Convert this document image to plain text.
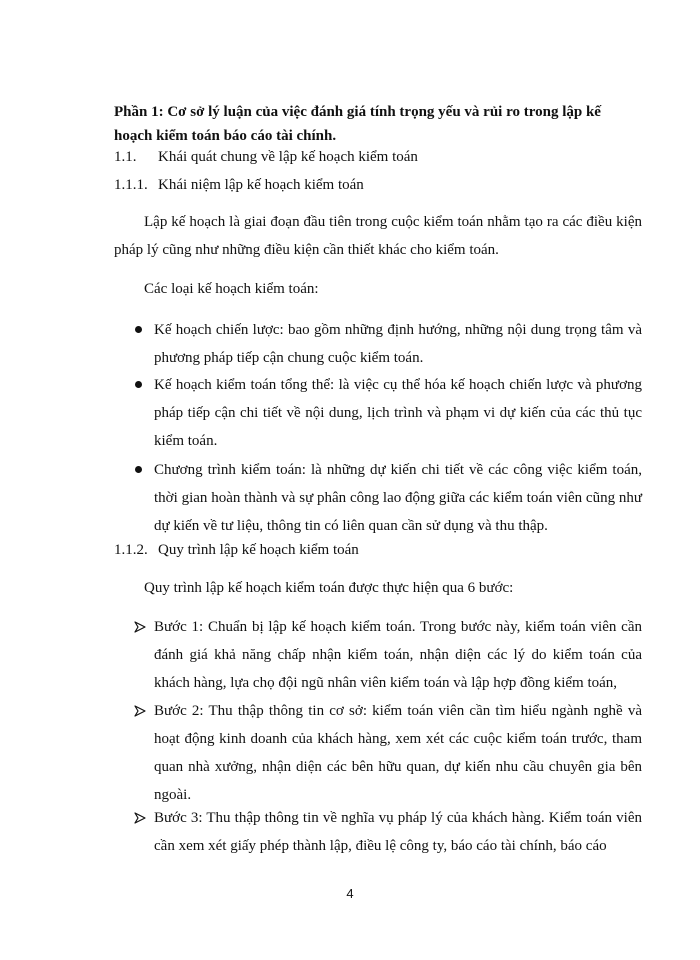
Phần 1: Cơ sở lý luận của việc đánh giá tính trọng yếu và rủi ro trong lập kế hoạch kiểm toán báo cáo tài chính.
1.1. Khái quát chung về lập kế hoạch kiểm toán
1.1.1. Khái niệm lập kế hoạch kiểm toán
Lập kế hoạch là giai đoạn đầu tiên trong cuộc kiểm toán nhằm tạo ra các điều kiện pháp lý cũng như những điều kiện cần thiết khác cho kiểm toán.
Các loại kế hoạch kiểm toán:
Kế hoạch chiến lược: bao gồm những định hướng, những nội dung trọng tâm và phương pháp tiếp cận chung cuộc kiểm toán.
Kế hoạch kiểm toán tổng thể: là việc cụ thể hóa kế hoạch chiến lược và phương pháp tiếp cận chi tiết về nội dung, lịch trình và phạm vi dự kiến của các thủ tục kiểm toán.
Chương trình kiểm toán: là những dự kiến chi tiết về các công việc kiểm toán, thời gian hoàn thành và sự phân công lao động giữa các kiểm toán viên cũng như dự kiến về tư liệu, thông tin có liên quan cần sử dụng và thu thập.
1.1.2. Quy trình lập kế hoạch kiểm toán
Quy trình lập kế hoạch kiểm toán được thực hiện qua 6 bước:
Bước 1: Chuẩn bị lập kế hoạch kiểm toán. Trong bước này, kiểm toán viên cần đánh giá khả năng chấp nhận kiểm toán, nhận diện các lý do kiểm toán của khách hàng, lựa chọ đội ngũ nhân viên kiểm toán và lập hợp đồng kiểm toán,
Bước 2: Thu thập thông tin cơ sở: kiểm toán viên cần tìm hiểu ngành nghề và hoạt động kinh doanh của khách hàng, xem xét các cuộc kiểm toán trước, tham quan nhà xưởng, nhận diện các bên hữu quan, dự kiến nhu cầu chuyên gia bên ngoài.
Bước 3: Thu thập thông tin về nghĩa vụ pháp lý của khách hàng. Kiểm toán viên cần xem xét giấy phép thành lập, điều lệ công ty, báo cáo tài chính, báo cáo
4
